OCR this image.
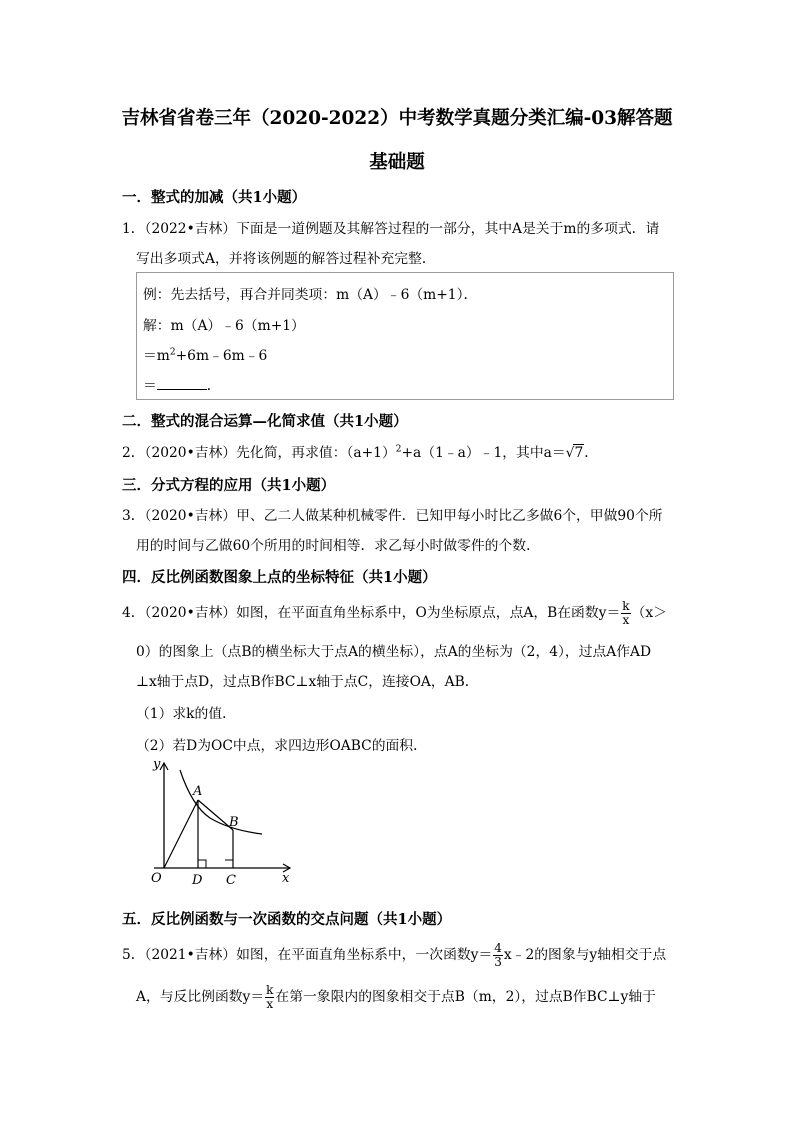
吉林省省卷三年（2020-2022）中考数学真题分类汇编-03解答题
基础题
一．整式的加减（共1小题）
1．（2022•吉林）下面是一道例题及其解答过程的一部分，其中A是关于m的多项式．请
写出多项式A，并将该例题的解答过程补充完整．
例：先去括号，再合并同类项：m（A）﹣6（m+1）．
解：m（A）﹣6（m+1）
$=m^2+6m﹣6m﹣6$
＝	．
二．整式的混合运算—化简求值（共1小题）
2．（2020•吉林）先化简，再求值：$(a+1)^2+a(1﹣a)﹣1$，其中a＝√7．
三．分式方程的应用（共1小题）
3．（2020•吉林）甲、乙二人做某种机械零件．已知甲每小时比乙多做6个，甲做90个所
用的时间与乙做60个所用的时间相等．求乙每小时做零件的个数．
四．反比例函数图象上点的坐标特征（共1小题）
4．（2020•吉林）如图，在平面直角坐标系中，O为坐标原点，点A，B在函数$y= \frac{k}{x} (x>$
0）的图象上（点B的横坐标大于点A的横坐标），点A的坐标为（2，4），过点A作AD
⊥x轴于点D，过点B作BC⊥x轴于点C，连接OA，AB．
（1）求k的值．
（2）若D为OC中点，求四边形OABC的面积．
y
x
O
A
B
D C
五．反比例函数与一次函数的交点问题（共1小题）
5．（2021•吉林）如图，在平面直角坐标系中，一次函数$y= \frac{4}{3}$ x﹣2的图象与y轴相交于点
A，与反比例函数$y= \frac{k}{x}$ 在第一象限内的图象相交于点B（m，2），过点B作BC⊥y轴于
